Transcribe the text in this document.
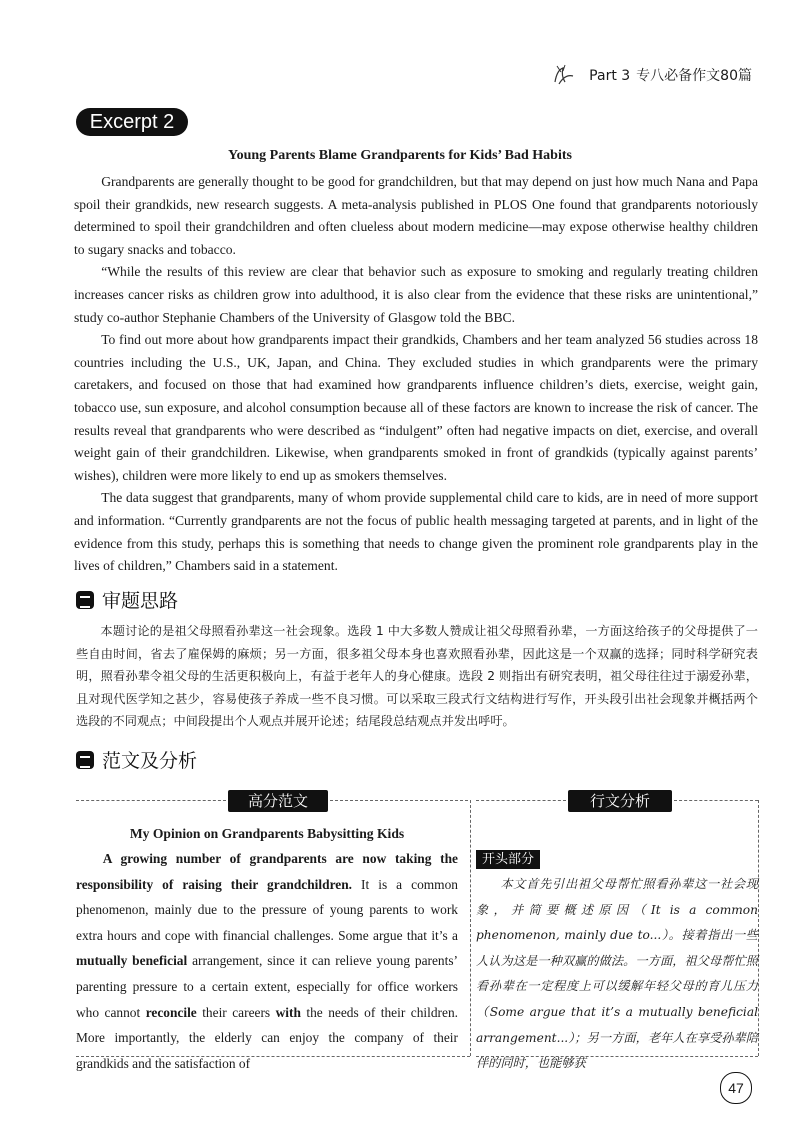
Part 3 专八必备作文80篇
Excerpt 2
Young Parents Blame Grandparents for Kids’ Bad Habits

Grandparents are generally thought to be good for grandchildren, but that may depend on just how much Nana and Papa spoil their grandkids, new research suggests. A meta-analysis published in PLOS One found that grandparents notoriously determined to spoil their grandchildren and often clueless about modern medicine—may expose otherwise healthy children to sugary snacks and tobacco.

“While the results of this review are clear that behavior such as exposure to smoking and regularly treating children increases cancer risks as children grow into adulthood, it is also clear from the evidence that these risks are unintentional,” study co-author Stephanie Chambers of the University of Glasgow told the BBC.

To find out more about how grandparents impact their grandkids, Chambers and her team analyzed 56 studies across 18 countries including the U.S., UK, Japan, and China. They excluded studies in which grandparents were the primary caretakers, and focused on those that had examined how grandparents influence children’s diets, exercise, weight gain, tobacco use, sun exposure, and alcohol consumption because all of these factors are known to increase the risk of cancer. The results reveal that grandparents who were described as “indulgent” often had negative impacts on diet, exercise, and overall weight gain of their grandchildren. Likewise, when grandparents smoked in front of grandkids (typically against parents’ wishes), children were more likely to end up as smokers themselves.

The data suggest that grandparents, many of whom provide supplemental child care to kids, are in need of more support and information. “Currently grandparents are not the focus of public health messaging targeted at parents, and in light of the evidence from this study, perhaps this is something that needs to change given the prominent role grandparents play in the lives of children,” Chambers said in a statement.

审题思路

本题讨论的是祖父母照看孙辈这一社会现象。选段 1 中大多数人赞成让祖父母照看孙辈，一方面这给孩子的父母提供了一些自由时间，省去了雇保姆的麻烦；另一方面，很多祖父母本身也喜欢照看孙辈，因此这是一个双赢的选择；同时科学研究表明，照看孙辈令祖父母的生活更积极向上，有益于老年人的身心健康。选段 2 则指出有研究表明，祖父母往往过于溺爱孙辈，且对现代医学知之甚少，容易使孩子养成一些不良习惯。可以采取三段式行文结构进行写作，开头段引出社会现象并概括两个选段的不同观点；中间段提出个人观点并展开论述；结尾段总结观点并发出呼吁。

范文及分析
高分范文	行文分析
My Opinion on Grandparents Babysitting Kids

A growing number of grandparents are now taking the responsibility of raising their grandchildren. It is a common phenomenon, mainly due to the pressure of young parents to work extra hours and cope with financial challenges. Some argue that it’s a mutually beneficial arrangement, since it can relieve young parents’ parenting pressure to a certain extent, especially for office workers who cannot reconcile their careers with the needs of their children. More importantly, the elderly can enjoy the company of their grandkids and the satisfaction of

开头部分

本文首先引出祖父母帮忙照看孙辈这一社会现象，并简要概述原因（It is a common phenomenon, mainly due to...）。接着指出一些人认为这是一种双赢的做法。一方面，祖父母帮忙照看孙辈在一定程度上可以缓解年轻父母的育儿压力（Some argue that it’s a mutually beneficial arrangement...）；另一方面，老年人在享受孙辈陪伴的同时，也能够获

47
